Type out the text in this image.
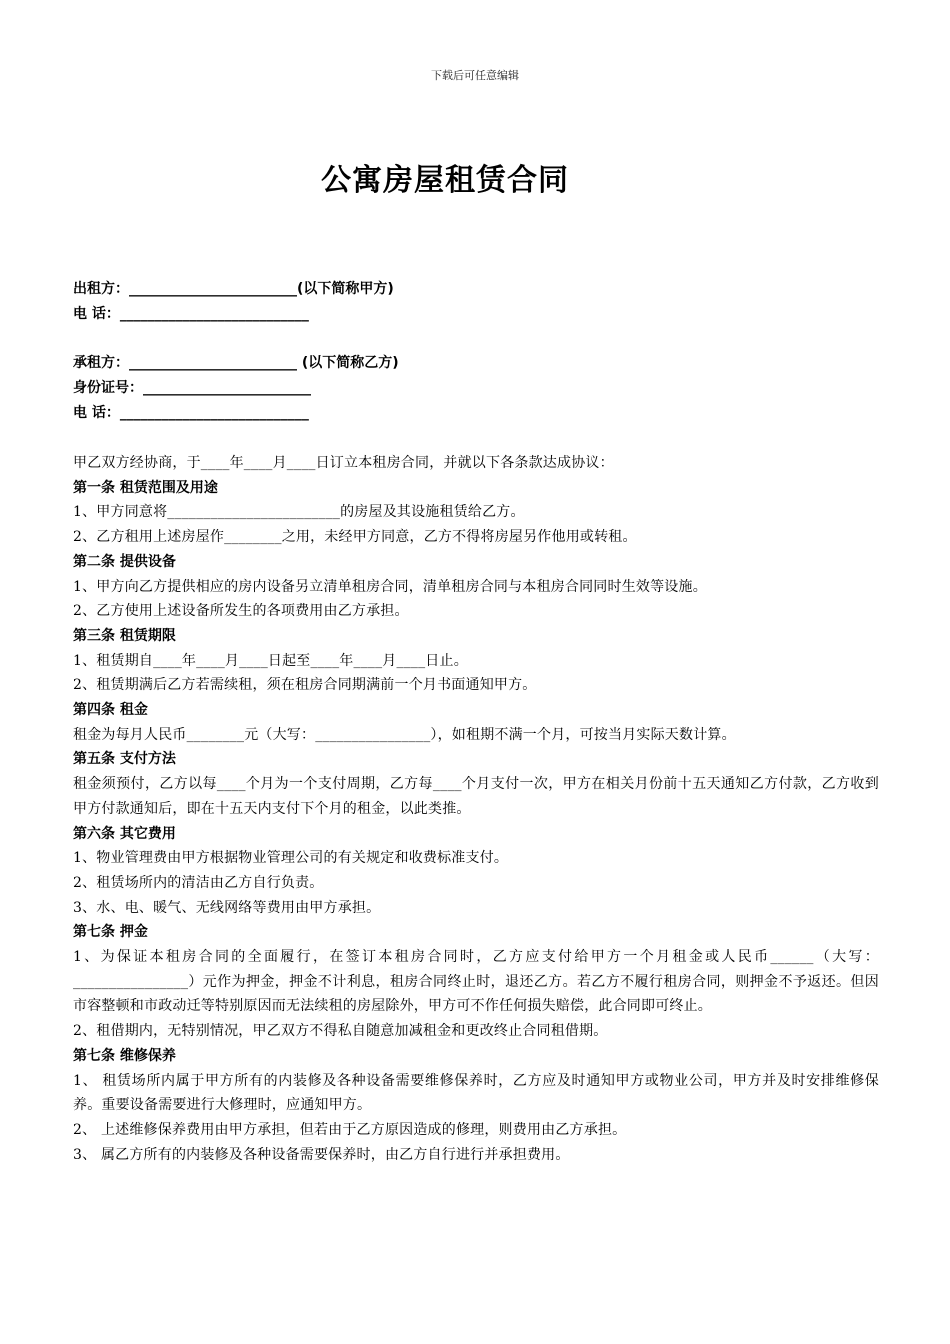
下载后可任意编辑
公寓房屋租赁合同
出租方：________________________(以下简称甲方)
电 话：___________________________
承租方：________________________ (以下简称乙方)
身份证号：________________________
电 话：___________________________

甲乙双方经协商，于____年____月____日订立本租房合同，并就以下各条款达成协议：

第一条 租赁范围及用途

1、甲方同意将________________________的房屋及其设施租赁给乙方。

2、乙方租用上述房屋作________之用，未经甲方同意，乙方不得将房屋另作他用或转租。

第二条 提供设备

1、甲方向乙方提供相应的房内设备另立清单租房合同，清单租房合同与本租房合同同时生效等设施。

2、乙方使用上述设备所发生的各项费用由乙方承担。

第三条 租赁期限

1、租赁期自____年____月____日起至____年____月____日止。

2、租赁期满后乙方若需续租，须在租房合同期满前一个月书面通知甲方。

第四条 租金

租金为每月人民币________元（大写：________________），如租期不满一个月，可按当月实际天数计算。

第五条 支付方法

租金须预付，乙方以每____个月为一个支付周期，乙方每____个月支付一次，甲方在相关月份前十五天通知乙方付款，乙方收到甲方付款通知后，即在十五天内支付下个月的租金，以此类推。

第六条 其它费用

1、物业管理费由甲方根据物业管理公司的有关规定和收费标准支付。

2、租赁场所内的清洁由乙方自行负责。

3、水、电、暖气、无线网络等费用由甲方承担。

第七条 押金

1、为保证本租房合同的全面履行，在签订本租房合同时，乙方应支付给甲方一个月租金或人民币______（大写：________________）元作为押金，押金不计利息，租房合同终止时，退还乙方。若乙方不履行租房合同，则押金不予返还。但因市容整顿和市政动迁等特别原因而无法续租的房屋除外，甲方可不作任何损失赔偿，此合同即可终止。

2、租借期内，无特别情况，甲乙双方不得私自随意加减租金和更改终止合同租借期。

第七条 维修保养

1、 租赁场所内属于甲方所有的内装修及各种设备需要维修保养时，乙方应及时通知甲方或物业公司，甲方并及时安排维修保养。重要设备需要进行大修理时，应通知甲方。

2、 上述维修保养费用由甲方承担，但若由于乙方原因造成的修理，则费用由乙方承担。

3、 属乙方所有的内装修及各种设备需要保养时，由乙方自行进行并承担费用。
